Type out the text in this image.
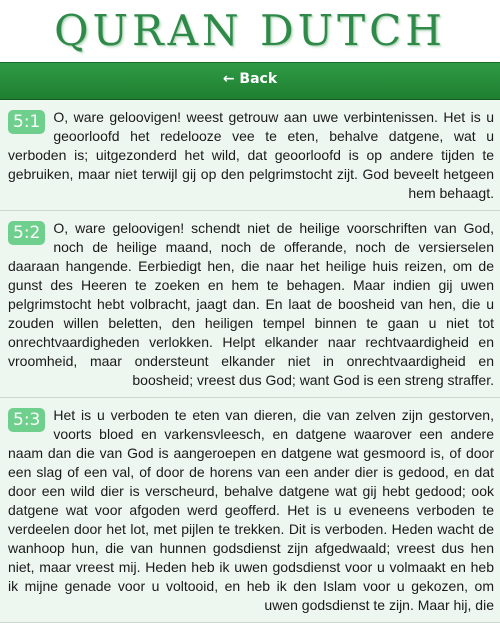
QURAN DUTCH
← Back
5:1 O, ware geloovigen! weest getrouw aan uwe verbintenissen. Het is u geoorloofd het redelooze vee te eten, behalve datgene, wat u verboden is; uitgezonderd het wild, dat geoorloofd is op andere tijden te gebruiken, maar niet terwijl gij op den pelgrimstocht zijt. God beveelt hetgeen hem behaagt.
5:2 O, ware geloovigen! schendt niet de heilige voorschriften van God, noch de heilige maand, noch de offerande, noch de versierselen daaraan hangende. Eerbiedigt hen, die naar het heilige huis reizen, om de gunst des Heeren te zoeken en hem te behagen. Maar indien gij uwen pelgrimstocht hebt volbracht, jaagt dan. En laat de boosheid van hen, die u zouden willen beletten, den heiligen tempel binnen te gaan u niet tot onrechtvaardigheden verlokken. Helpt elkander naar rechtvaardigheid en vroomheid, maar ondersteunt elkander niet in onrechtvaardigheid en boosheid; vreest dus God; want God is een streng straffer.
5:3 Het is u verboden te eten van dieren, die van zelven zijn gestorven, voorts bloed en varkensvleesch, en datgene waarover een andere naam dan die van God is aangeroepen en datgene wat gesmoord is, of door een slag of een val, of door de horens van een ander dier is gedood, en dat door een wild dier is verscheurd, behalve datgene wat gij hebt gedood; ook datgene wat voor afgoden werd geofferd. Het is u eveneens verboden te verdeelen door het lot, met pijlen te trekken. Dit is verboden. Heden wacht de wanhoop hun, die van hunnen godsdienst zijn afgedwaald; vreest dus hen niet, maar vreest mij. Heden heb ik uwen godsdienst voor u volmaakt en heb ik mijne genade voor u voltooid, en heb ik den Islam voor u gekozen, om uwen godsdienst te zijn. Maar hij, die
